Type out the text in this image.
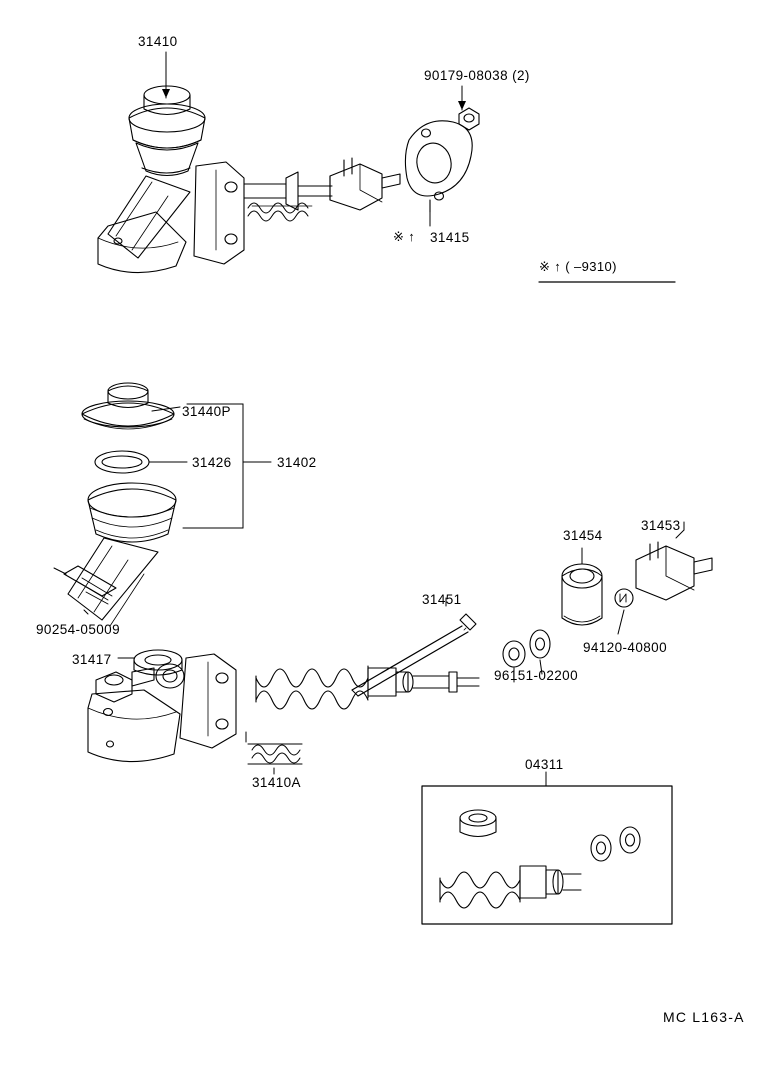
31410
90179-08038 (2)
※ ↑ 31415
※ ↑ ( –9310)
31440P
31426	31402
90254-05009
31417
31451
31454
31453
94120-40800
96151-02200
31410A
04311
MC L163-A
